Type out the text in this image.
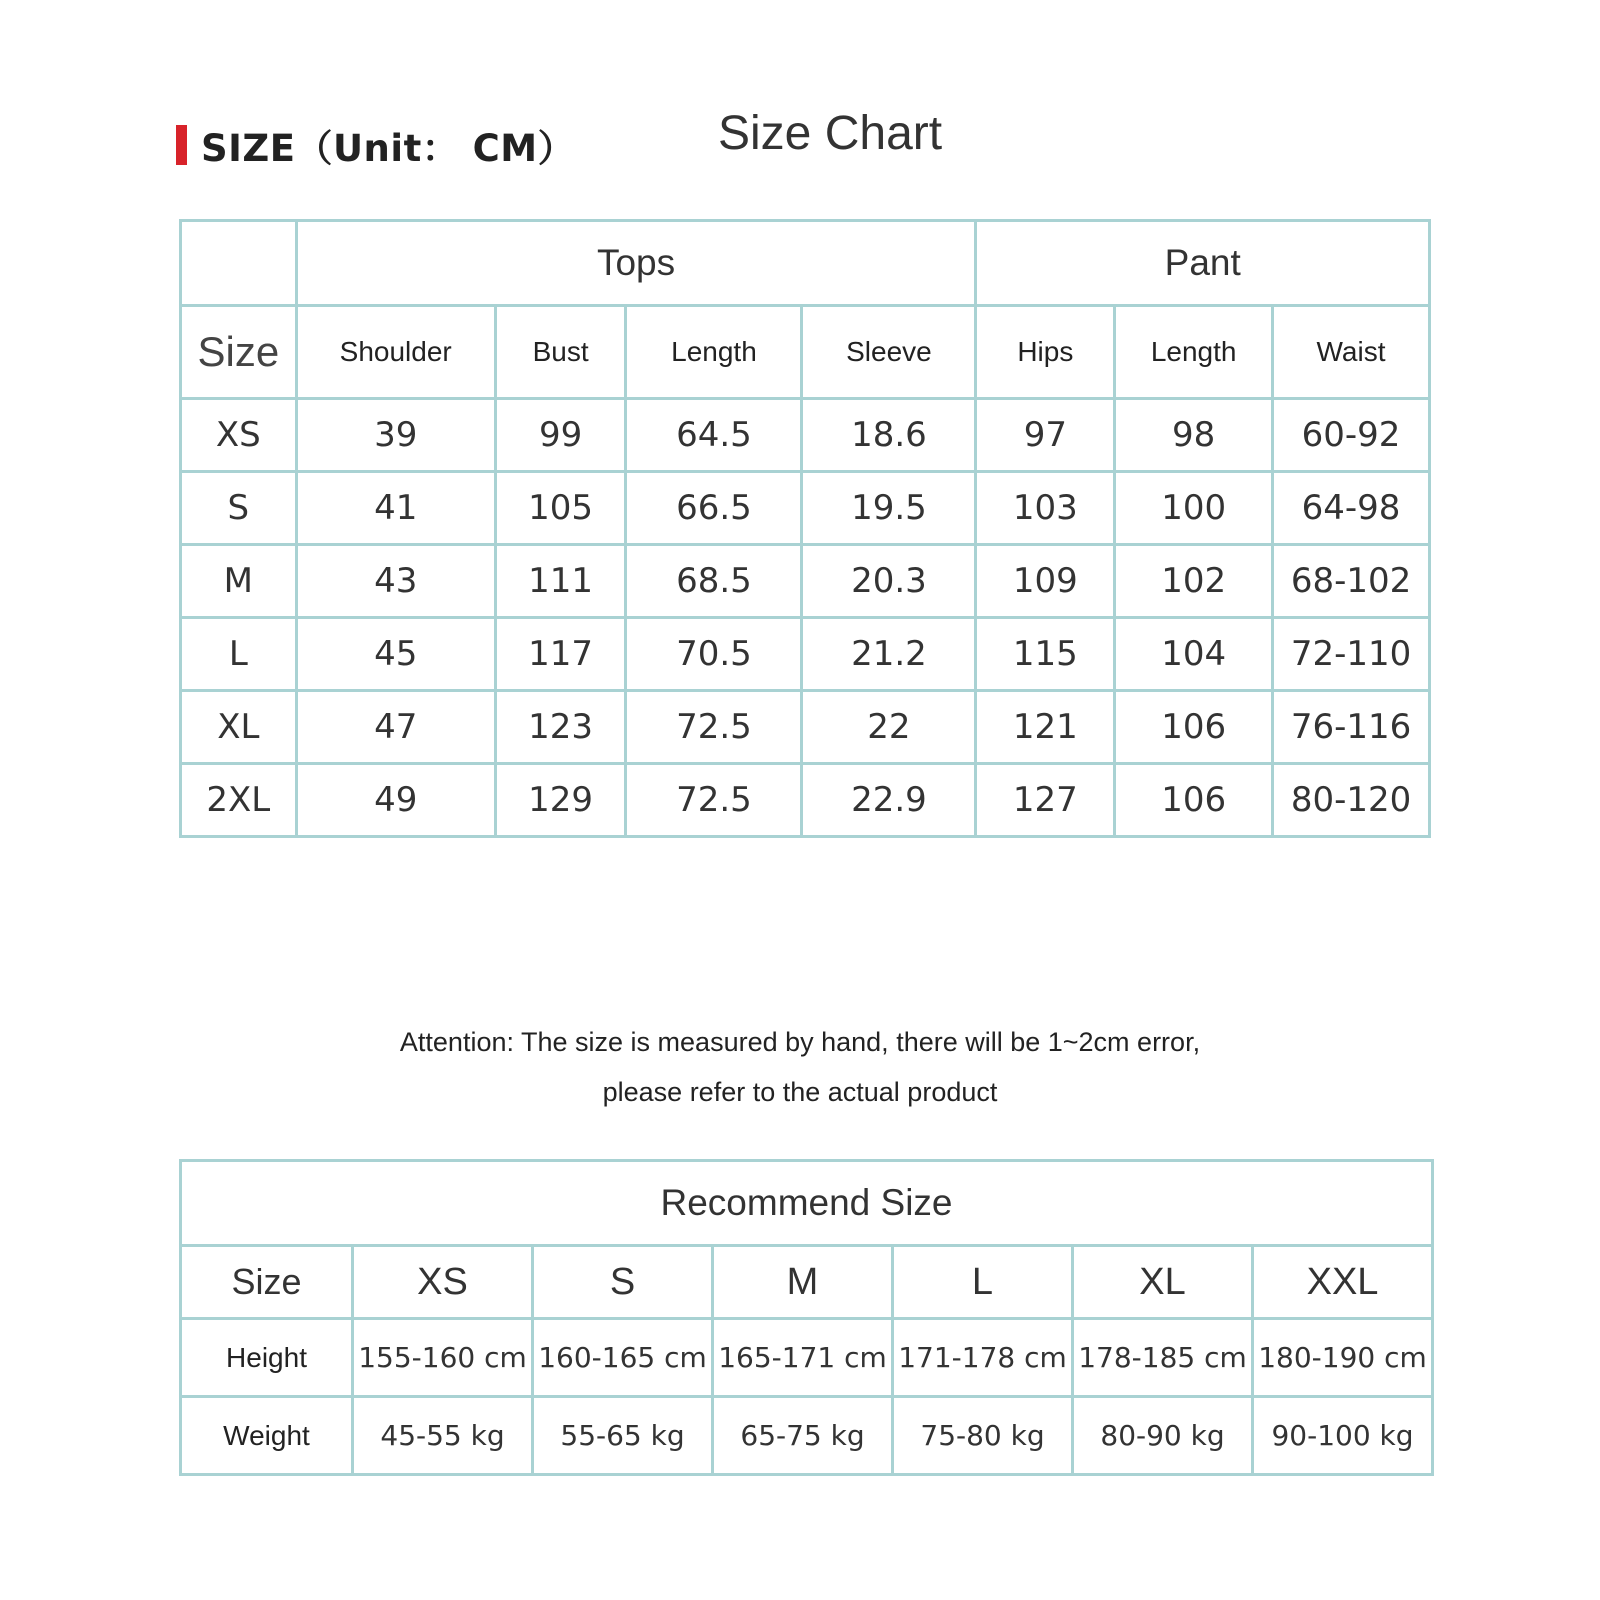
SIZE（Unit： CM）	Size Chart
	Tops				Pant		
Size	Shoulder	Bust	Length	Sleeve	Hips	Length	Waist
XS	39	99	64.5	18.6	97	98	60-92
S	41	105	66.5	19.5	103	100	64-98
M	43	111	68.5	20.3	109	102	68-102
L	45	117	70.5	21.2	115	104	72-110
XL	47	123	72.5	22	121	106	76-116
2XL	49	129	72.5	22.9	127	106	80-120
Attention: The size is measured by hand, there will be 1~2cm error,
please refer to the actual product
Recommend Size						
Size	XS	S	M	L	XL	XXL
Height	155-160 cm	160-165 cm	165-171 cm	171-178 cm	178-185 cm	180-190 cm
Weight	45-55 kg	55-65 kg	65-75 kg	75-80 kg	80-90 kg	90-100 kg
